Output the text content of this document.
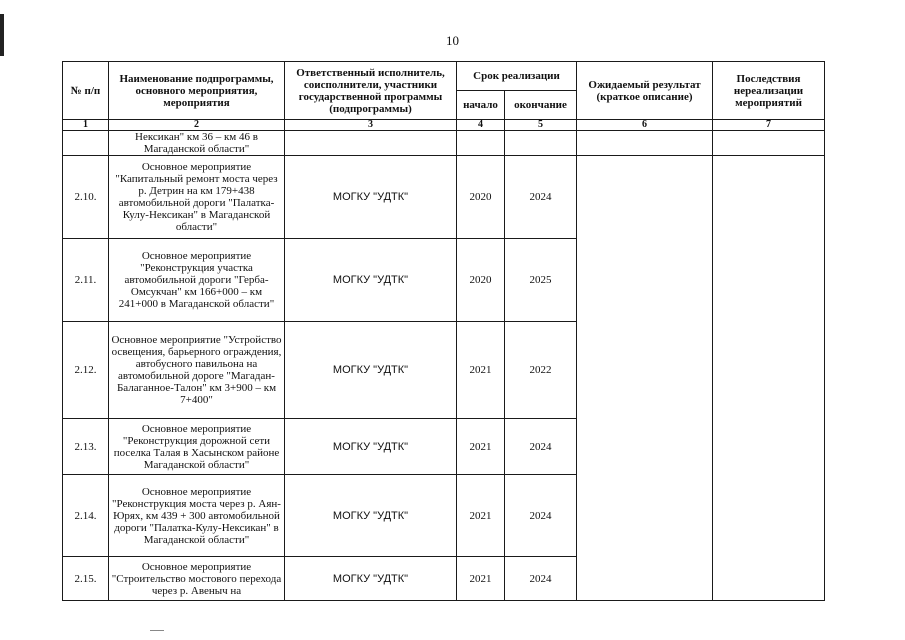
10
№ п/п	Наименование подпрограммы, основного мероприятия, мероприятия	Ответственный исполнитель, соисполнители, участники государственной программы (подпрограммы)	Срок реализации		Ожидаемый результат (краткое описание)	Последствия нереализации мероприятий
			начало	окончание		
1	2	3	4	5	6	7
	Нексикан" км 36 – км 46 в Магаданской области"					
2.10.	Основное мероприятие "Капитальный ремонт моста через р. Детрин на км 179+438 автомобильной дороги "Палатка-Кулу-Нексикан" в Магаданской области"	МОГКУ "УДТК"	2020	2024		
2.11.	Основное мероприятие "Реконструкция участка автомобильной дороги "Герба-Омсукчан" км 166+000 – км 241+000 в Магаданской области"	МОГКУ "УДТК"	2020	2025		
2.12.	Основное мероприятие "Устройство освещения, барьерного ограждения, автобусного павильона на автомобильной дороге "Магадан-Балаганное-Талон" км 3+900 – км 7+400"	МОГКУ "УДТК"	2021	2022		
2.13.	Основное мероприятие "Реконструкция дорожной сети поселка Талая в Хасынском районе Магаданской области"	МОГКУ "УДТК"	2021	2024		
2.14.	Основное мероприятие "Реконструкция моста через р. Аян-Юрях, км 439 + 300 автомобильной дороги "Палатка-Кулу-Нексикан" в Магаданской области"	МОГКУ "УДТК"	2021	2024		
2.15.	Основное мероприятие "Строительство мостового перехода через р. Авеныч на	МОГКУ "УДТК"	2021	2024		
